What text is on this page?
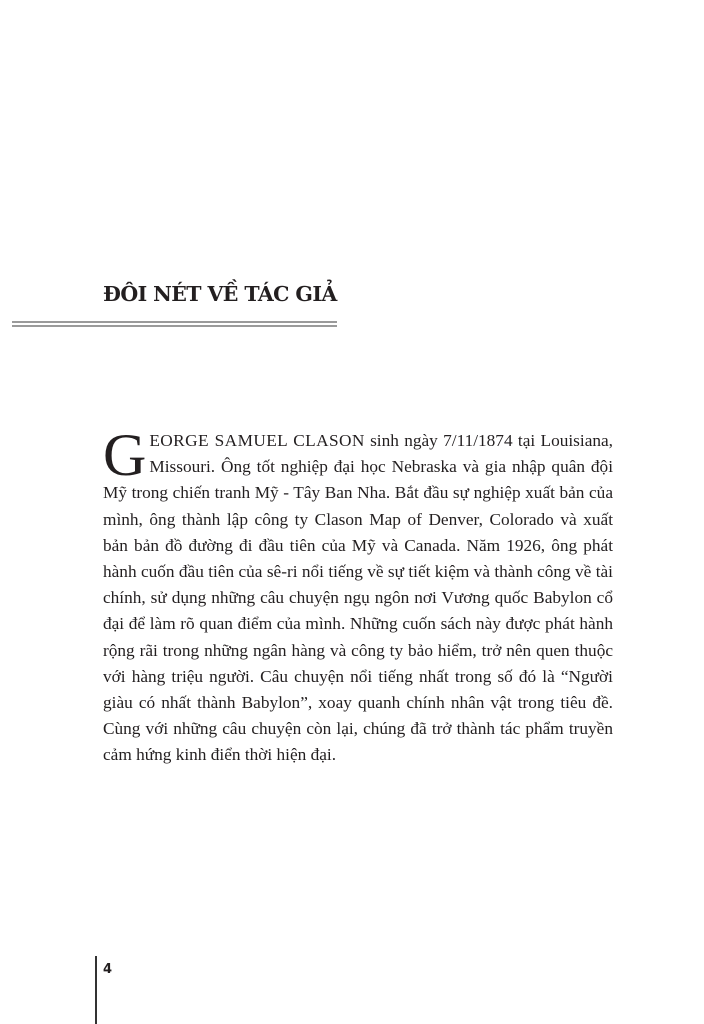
ĐÔI NÉT VỀ TÁC GIẢ

GEORGE SAMUEL CLASON sinh ngày 7/11/1874 tại Louisiana, Missouri. Ông tốt nghiệp đại học Nebraska và gia nhập quân đội Mỹ trong chiến tranh Mỹ - Tây Ban Nha. Bắt đầu sự nghiệp xuất bản của mình, ông thành lập công ty Clason Map of Denver, Colorado và xuất bản bản đồ đường đi đầu tiên của Mỹ và Canada. Năm 1926, ông phát hành cuốn đầu tiên của sê-ri nổi tiếng về sự tiết kiệm và thành công về tài chính, sử dụng những câu chuyện ngụ ngôn nơi Vương quốc Babylon cổ đại để làm rõ quan điểm của mình. Những cuốn sách này được phát hành rộng rãi trong những ngân hàng và công ty bảo hiểm, trở nên quen thuộc với hàng triệu người. Câu chuyện nổi tiếng nhất trong số đó là “Người giàu có nhất thành Babylon”, xoay quanh chính nhân vật trong tiêu đề. Cùng với những câu chuyện còn lại, chúng đã trở thành tác phẩm truyền cảm hứng kinh điển thời hiện đại.

4
